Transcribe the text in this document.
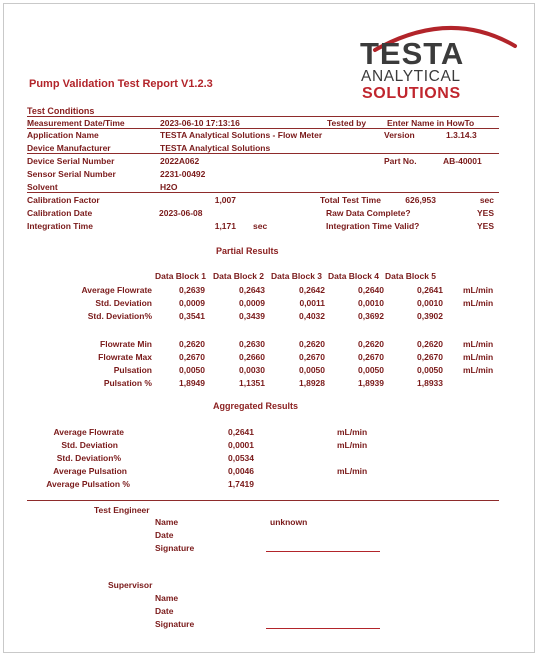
TESTA
ANALYTICAL
SOLUTIONS
Pump Validation Test Report V1.2.3
Test Conditions
Measurement Date/Time	2023-06-10 17:13:16	Tested by Enter Name in HowTo
Application Name	TESTA Analytical Solutions - Flow Meter	Version	1.3.14.3
Device Manufacturer	TESTA Analytical Solutions
Device Serial Number	2022A062	Part No.	AB-40001
Sensor Serial Number	2231-00492
Solvent	H2O
Calibration Factor	1,007	Total Test Time	626,953	sec
Calibration Date	2023-06-08	Raw Data Complete?	YES
Integration Time	1,171 sec	Integration Time Valid?	YES
Partial Results
Data Block 1 Data Block 2 Data Block 3 Data Block 4 Data Block 5
Average Flowrate	0,2639	0,2643	0,2642	0,2640	0,2641 mL/min
Std. Deviation	0,0009	0,0009	0,0011	0,0010	0,0010 mL/min
Std. Deviation%	0,3541	0,3439	0,4032	0,3692	0,3902
Flowrate Min	0,2620	0,2630	0,2620	0,2620	0,2620 mL/min
Flowrate Max	0,2670	0,2660	0,2670	0,2670	0,2670 mL/min
Pulsation	0,0050	0,0030	0,0050	0,0050	0,0050 mL/min
Pulsation %	1,8949	1,1351	1,8928	1,8939	1,8933
Aggregated Results
Average Flowrate	0,2641	mL/min
Std. Deviation	0,0001	mL/min
Std. Deviation%	0,0534
Average Pulsation	0,0046	mL/min
Average Pulsation %	1,7419
Test Engineer
Name	unknown
Date
Signature
Supervisor
Name
Date
Signature
